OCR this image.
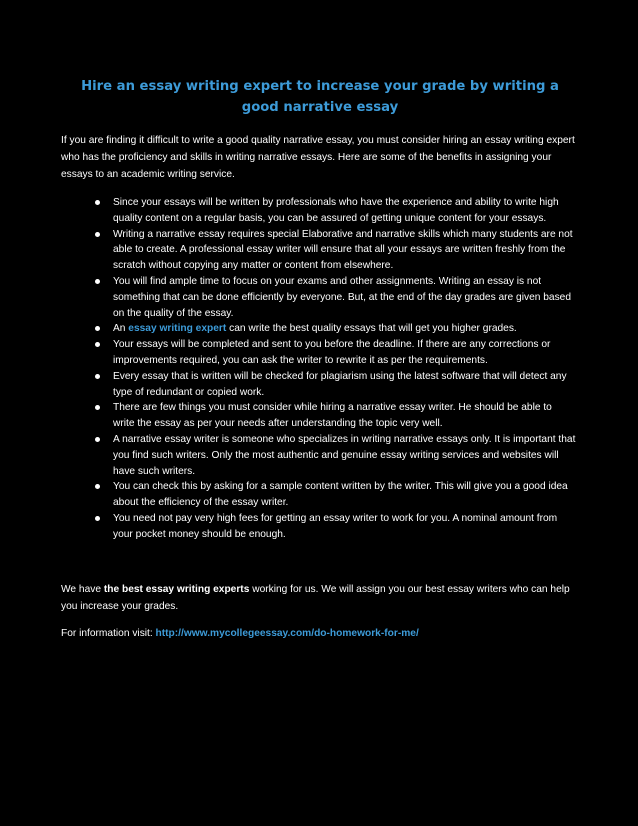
Hire an essay writing expert to increase your grade by writing a good narrative essay
If you are finding it difficult to write a good quality narrative essay, you must consider hiring an essay writing expert who has the proficiency and skills in writing narrative essays. Here are some of the benefits in assigning your essays to an academic writing service.
Since your essays will be written by professionals who have the experience and ability to write high quality content on a regular basis, you can be assured of getting unique content for your essays.
Writing a narrative essay requires special Elaborative and narrative skills which many students are not able to create. A professional essay writer will ensure that all your essays are written freshly from the scratch without copying any matter or content from elsewhere.
You will find ample time to focus on your exams and other assignments. Writing an essay is not something that can be done efficiently by everyone. But, at the end of the day grades are given based on the quality of the essay.
An essay writing expert can write the best quality essays that will get you higher grades.
Your essays will be completed and sent to you before the deadline. If there are any corrections or improvements required, you can ask the writer to rewrite it as per the requirements.
Every essay that is written will be checked for plagiarism using the latest software that will detect any type of redundant or copied work.
There are few things you must consider while hiring a narrative essay writer. He should be able to write the essay as per your needs after understanding the topic very well.
A narrative essay writer is someone who specializes in writing narrative essays only. It is important that you find such writers. Only the most authentic and genuine essay writing services and websites will have such writers.
You can check this by asking for a sample content written by the writer. This will give you a good idea about the efficiency of the essay writer.
You need not pay very high fees for getting an essay writer to work for you. A nominal amount from your pocket money should be enough.
We have the best essay writing experts working for us. We will assign you our best essay writers who can help you increase your grades.
For information visit: http://www.mycollegeessay.com/do-homework-for-me/
